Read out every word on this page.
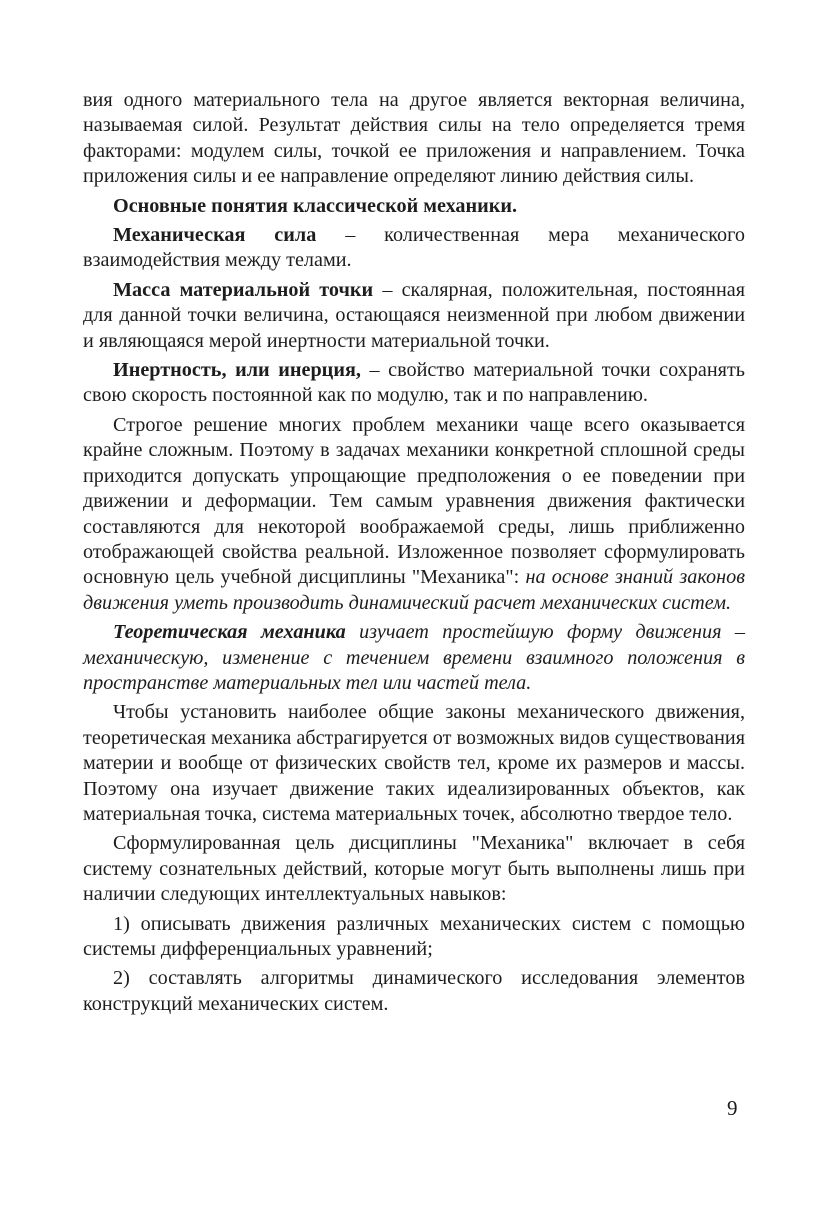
вия одного материального тела на другое является векторная величина, называемая силой. Результат действия силы на тело определяется тремя факторами: модулем силы, точкой ее приложения и направлением. Точка приложения силы и ее направление определяют линию действия силы.

Основные понятия классической механики.

Механическая сила – количественная мера механического взаимодействия между телами.

Масса материальной точки – скалярная, положительная, постоянная для данной точки величина, остающаяся неизменной при любом движении и являющаяся мерой инертности материальной точки.

Инертность, или инерция, – свойство материальной точки сохранять свою скорость постоянной как по модулю, так и по направлению.

Строгое решение многих проблем механики чаще всего оказывается крайне сложным. Поэтому в задачах механики конкретной сплошной среды приходится допускать упрощающие предположения о ее поведении при движении и деформации. Тем самым уравнения движения фактически составляются для некоторой воображаемой среды, лишь приближенно отображающей свойства реальной. Изложенное позволяет сформулировать основную цель учебной дисциплины "Механика": на основе знаний законов движения уметь производить динамический расчет механических систем.

Теоретическая механика изучает простейшую форму движения – механическую, изменение с течением времени взаимного положения в пространстве материальных тел или частей тела.

Чтобы установить наиболее общие законы механического движения, теоретическая механика абстрагируется от возможных видов существования материи и вообще от физических свойств тел, кроме их размеров и массы. Поэтому она изучает движение таких идеализированных объектов, как материальная точка, система материальных точек, абсолютно твердое тело.

Сформулированная цель дисциплины "Механика" включает в себя систему сознательных действий, которые могут быть выполнены лишь при наличии следующих интеллектуальных навыков:

1) описывать движения различных механических систем с помощью системы дифференциальных уравнений;

2) составлять алгоритмы динамического исследования элементов конструкций механических систем.

9
